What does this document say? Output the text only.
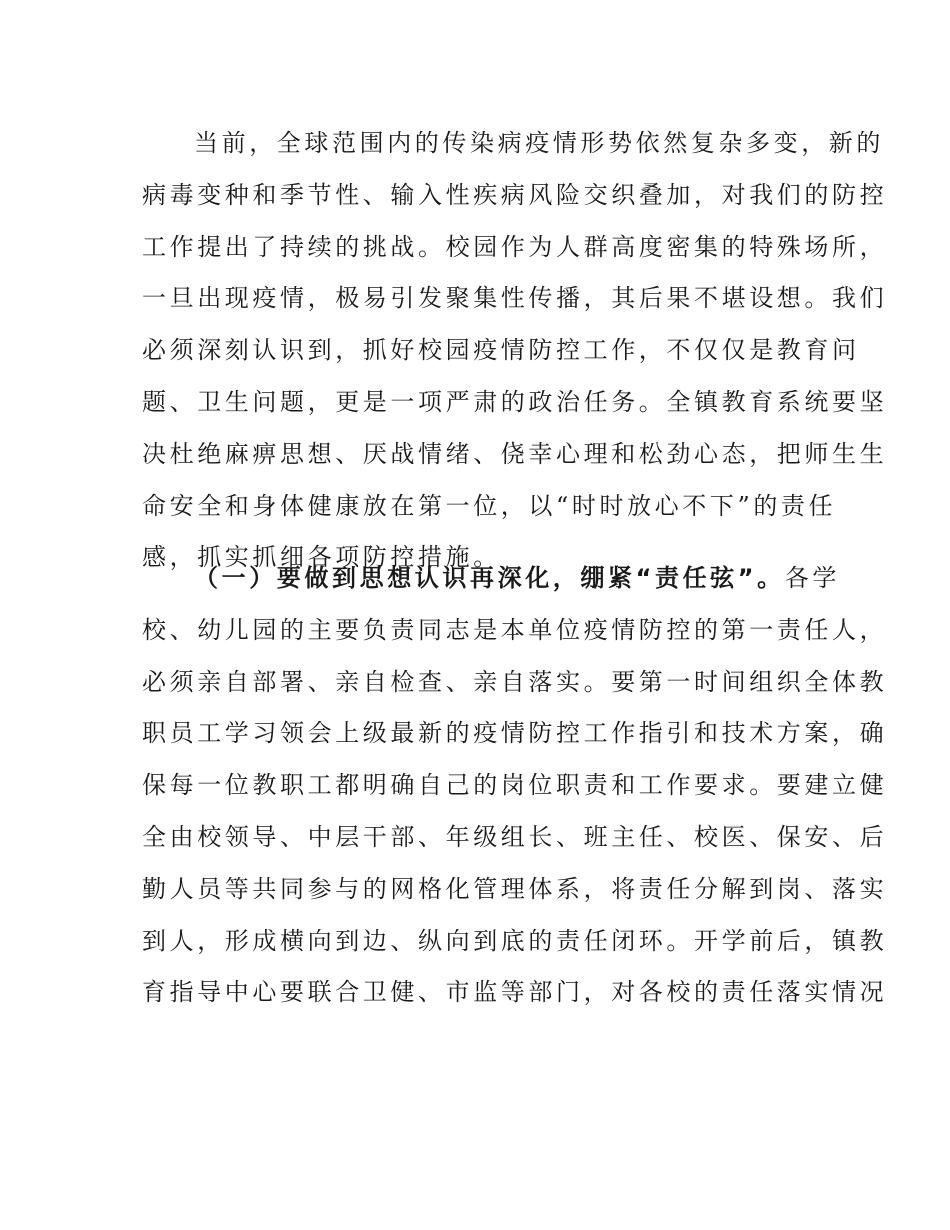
当前，全球范围内的传染病疫情形势依然复杂多变，新的
病毒变种和季节性、输入性疾病风险交织叠加，对我们的防控
工作提出了持续的挑战。校园作为人群高度密集的特殊场所，
一旦出现疫情，极易引发聚集性传播，其后果不堪设想。我们
必须深刻认识到，抓好校园疫情防控工作，不仅仅是教育问
题、卫生问题，更是一项严肃的政治任务。全镇教育系统要坚
决杜绝麻痹思想、厌战情绪、侥幸心理和松劲心态，把师生生
命安全和身体健康放在第一位，以“时时放心不下”的责任
感，抓实抓细各项防控措施。
（一）要做到思想认识再深化，绷紧“责任弦”。各学
校、幼儿园的主要负责同志是本单位疫情防控的第一责任人，
必须亲自部署、亲自检查、亲自落实。要第一时间组织全体教
职员工学习领会上级最新的疫情防控工作指引和技术方案，确
保每一位教职工都明确自己的岗位职责和工作要求。要建立健
全由校领导、中层干部、年级组长、班主任、校医、保安、后
勤人员等共同参与的网格化管理体系，将责任分解到岗、落实
到人，形成横向到边、纵向到底的责任闭环。开学前后，镇教
育指导中心要联合卫健、市监等部门，对各校的责任落实情况
